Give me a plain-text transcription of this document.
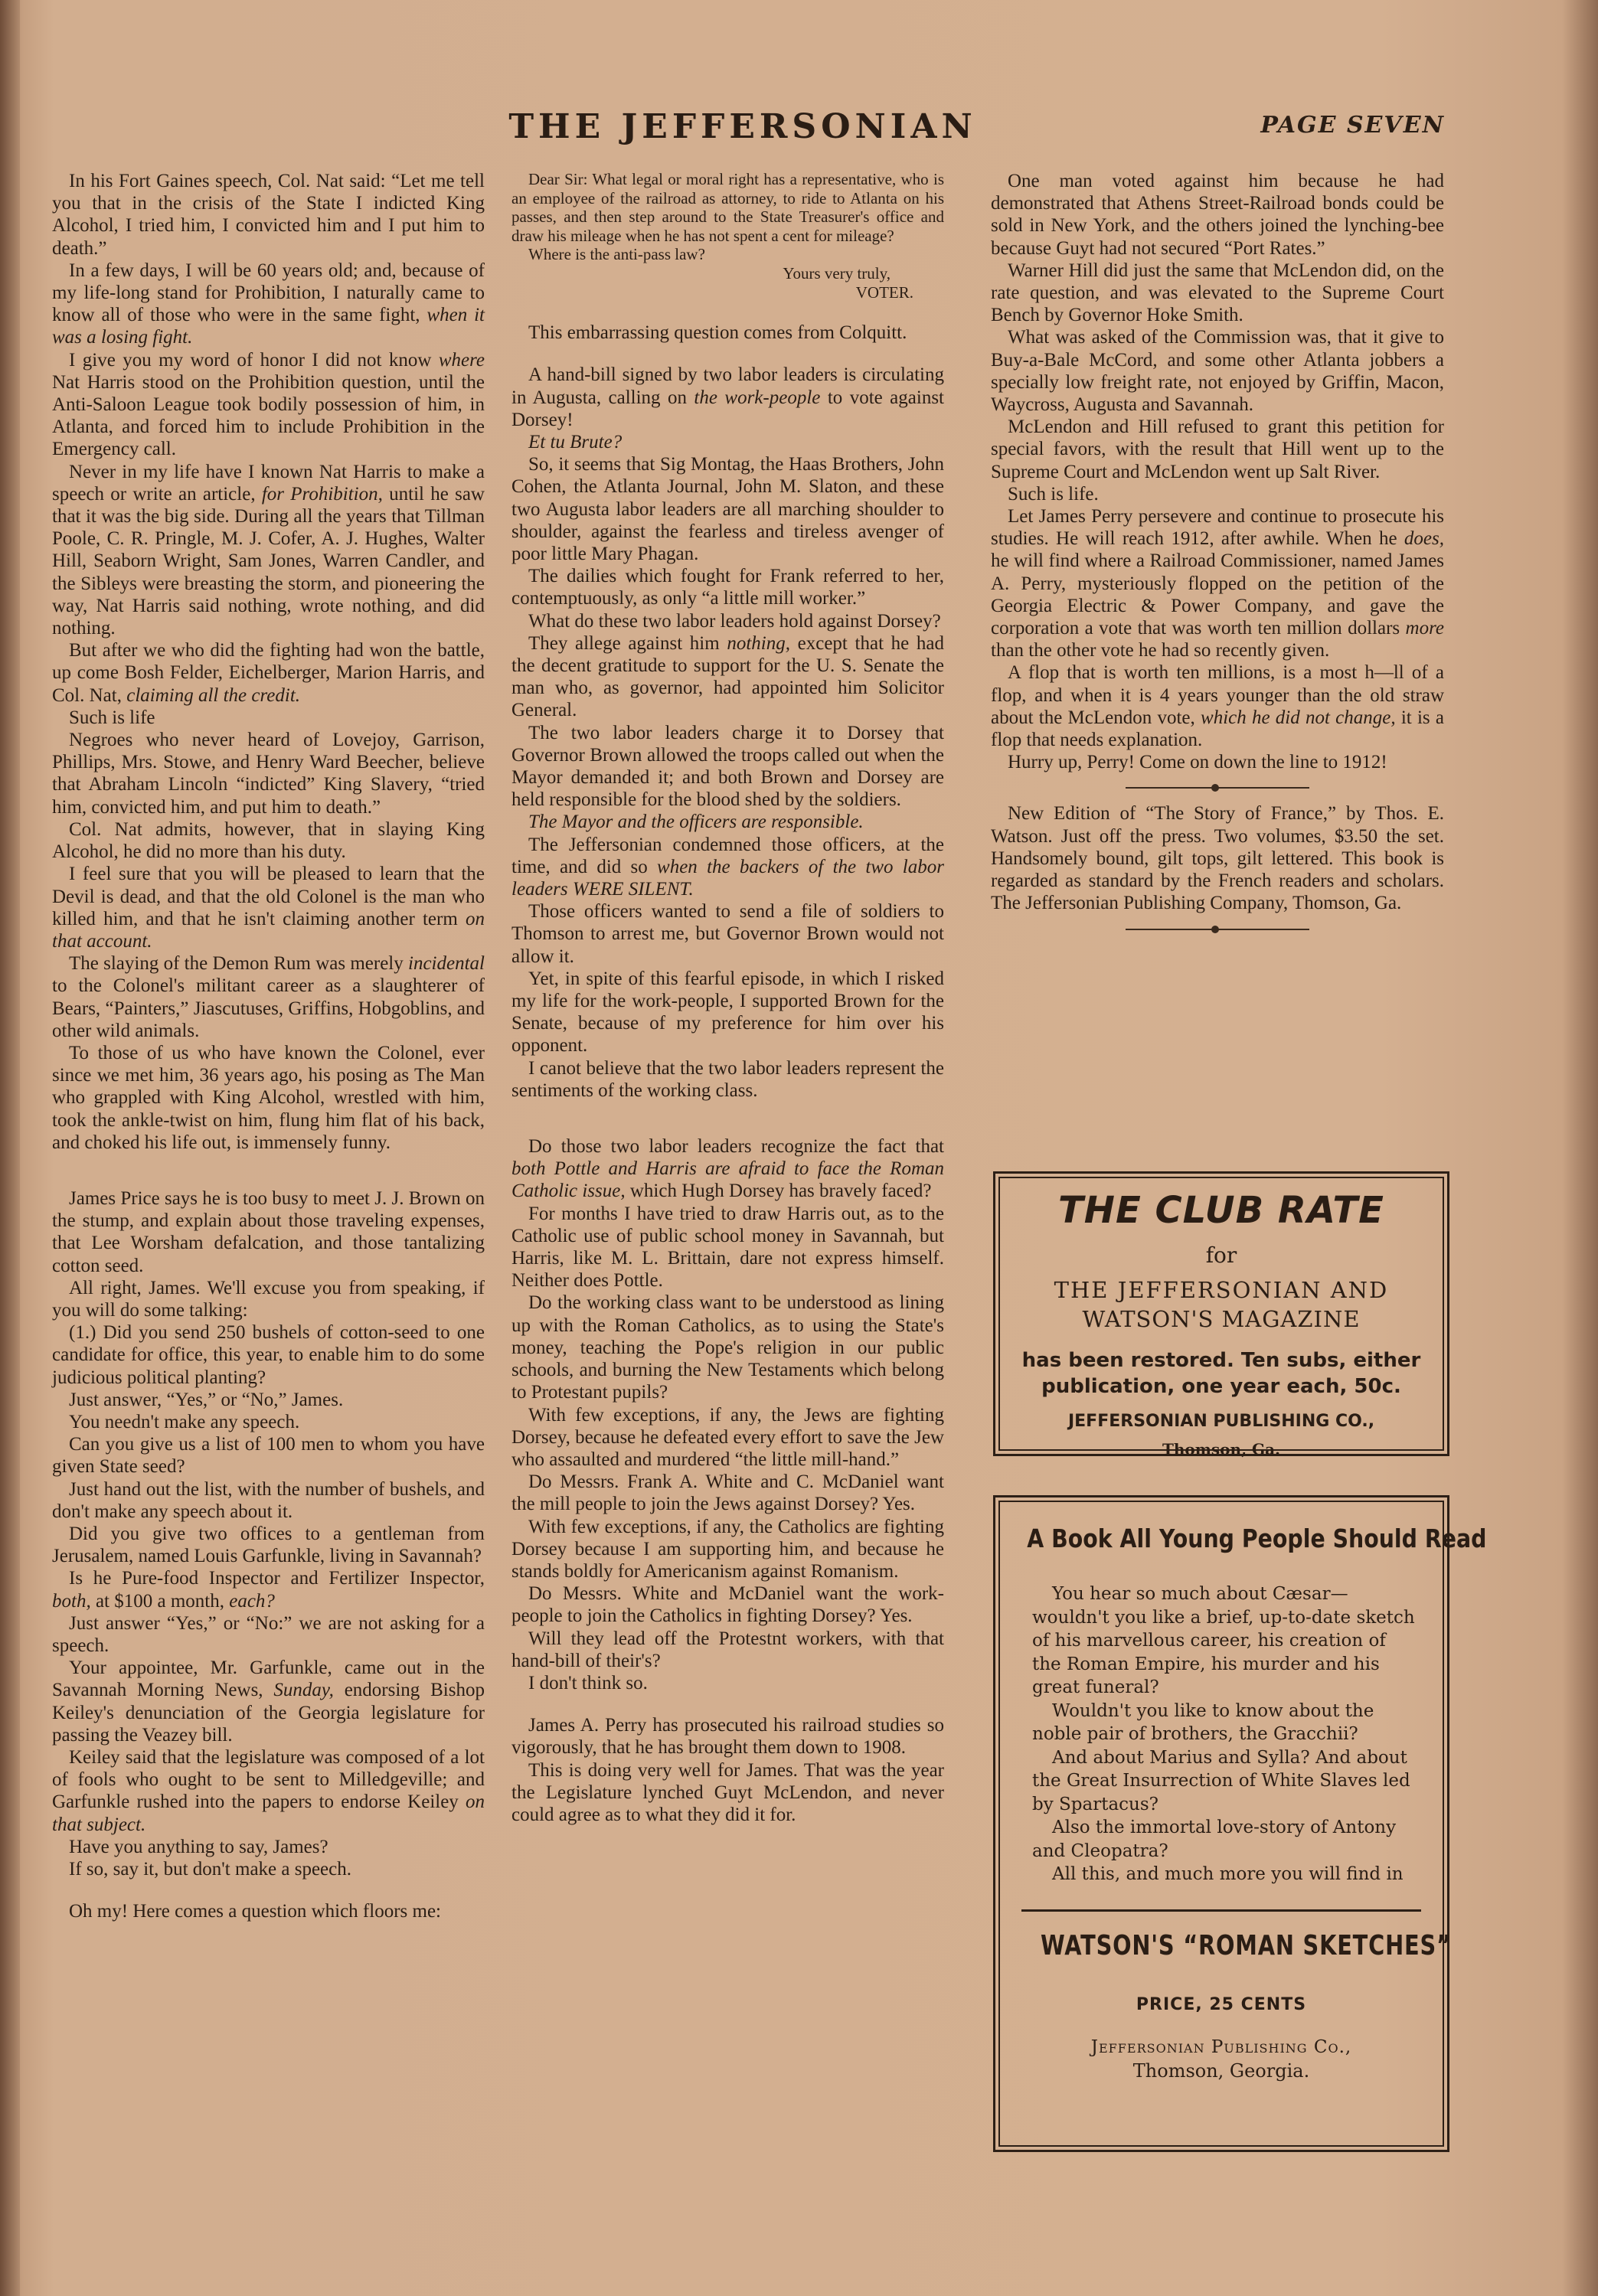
THE JEFFERSONIAN	PAGE SEVEN

In his Fort Gaines speech, Col. Nat said: “Let me tell you that in the crisis of the State I indicted King Alcohol, I tried him, I convicted him and I put him to death.”

In a few days, I will be 60 years old; and, because of my life-long stand for Prohibition, I naturally came to know all of those who were in the same fight, when it was a losing fight.

I give you my word of honor I did not know where Nat Harris stood on the Prohibition question, until the Anti-Saloon League took bodily possession of him, in Atlanta, and forced him to include Prohibition in the Emergency call.

Never in my life have I known Nat Harris to make a speech or write an article, for Prohibition, until he saw that it was the big side. During all the years that Tillman Poole, C. R. Pringle, M. J. Cofer, A. J. Hughes, Walter Hill, Seaborn Wright, Sam Jones, Warren Candler, and the Sibleys were breasting the storm, and pioneering the way, Nat Harris said nothing, wrote nothing, and did nothing.

But after we who did the fighting had won the battle, up come Bosh Felder, Eichelberger, Marion Harris, and Col. Nat, claiming all the credit.

Such is life

Negroes who never heard of Lovejoy, Garrison, Phillips, Mrs. Stowe, and Henry Ward Beecher, believe that Abraham Lincoln “indicted” King Slavery, “tried him, convicted him, and put him to death.”

Col. Nat admits, however, that in slaying King Alcohol, he did no more than his duty.

I feel sure that you will be pleased to learn that the Devil is dead, and that the old Colonel is the man who killed him, and that he isn't claiming another term on that account.

The slaying of the Demon Rum was merely incidental to the Colonel's militant career as a slaughterer of Bears, “Painters,” Jiascutuses, Griffins, Hobgoblins, and other wild animals.

To those of us who have known the Colonel, ever since we met him, 36 years ago, his posing as The Man who grappled with King Alcohol, wrestled with him, took the ankle-twist on him, flung him flat of his back, and choked his life out, is immensely funny.

James Price says he is too busy to meet J. J. Brown on the stump, and explain about those traveling expenses, that Lee Worsham defalcation, and those tantalizing cotton seed.

All right, James. We'll excuse you from speaking, if you will do some talking:

(1.) Did you send 250 bushels of cotton-seed to one candidate for office, this year, to enable him to do some judicious political planting?

Just answer, “Yes,” or “No,” James.

You needn't make any speech.

Can you give us a list of 100 men to whom you have given State seed?

Just hand out the list, with the number of bushels, and don't make any speech about it.

Did you give two offices to a gentleman from Jerusalem, named Louis Garfunkle, living in Savannah?

Is he Pure-food Inspector and Fertilizer Inspector, both, at $100 a month, each?

Just answer “Yes,” or “No:” we are not asking for a speech.

Your appointee, Mr. Garfunkle, came out in the Savannah Morning News, Sunday, endorsing Bishop Keiley's denunciation of the Georgia legislature for passing the Veazey bill.

Keiley said that the legislature was composed of a lot of fools who ought to be sent to Milledgeville; and Garfunkle rushed into the papers to endorse Keiley on that subject.

Have you anything to say, James?

If so, say it, but don't make a speech.

Oh my! Here comes a question which floors me:

Dear Sir: What legal or moral right has a representative, who is an employee of the railroad as attorney, to ride to Atlanta on his passes, and then step around to the State Treasurer's office and draw his mileage when he has not spent a cent for mileage?

Where is the anti-pass law?

Yours very truly,
VOTER.

This embarrassing question comes from Colquitt.

A hand-bill signed by two labor leaders is circulating in Augusta, calling on the work-people to vote against Dorsey!

Et tu Brute?

So, it seems that Sig Montag, the Haas Brothers, John Cohen, the Atlanta Journal, John M. Slaton, and these two Augusta labor leaders are all marching shoulder to shoulder, against the fearless and tireless avenger of poor little Mary Phagan.

The dailies which fought for Frank referred to her, contemptuously, as only “a little mill worker.”

What do these two labor leaders hold against Dorsey?

They allege against him nothing, except that he had the decent gratitude to support for the U. S. Senate the man who, as governor, had appointed him Solicitor General.

The two labor leaders charge it to Dorsey that Governor Brown allowed the troops called out when the Mayor demanded it; and both Brown and Dorsey are held responsible for the blood shed by the soldiers.

The Mayor and the officers are responsible.

The Jeffersonian condemned those officers, at the time, and did so when the backers of the two labor leaders WERE SILENT.

Those officers wanted to send a file of soldiers to Thomson to arrest me, but Governor Brown would not allow it.

Yet, in spite of this fearful episode, in which I risked my life for the work-people, I supported Brown for the Senate, because of my preference for him over his opponent.

I canot believe that the two labor leaders represent the sentiments of the working class.

Do those two labor leaders recognize the fact that both Pottle and Harris are afraid to face the Roman Catholic issue, which Hugh Dorsey has bravely faced?

For months I have tried to draw Harris out, as to the Catholic use of public school money in Savannah, but Harris, like M. L. Brittain, dare not express himself. Neither does Pottle.

Do the working class want to be understood as lining up with the Roman Catholics, as to using the State's money, teaching the Pope's religion in our public schools, and burning the New Testaments which belong to Protestant pupils?

With few exceptions, if any, the Jews are fighting Dorsey, because he defeated every effort to save the Jew who assaulted and murdered “the little mill-hand.”

Do Messrs. Frank A. White and C. McDaniel want the mill people to join the Jews against Dorsey? Yes.

With few exceptions, if any, the Catholics are fighting Dorsey because I am supporting him, and because he stands boldly for Americanism against Romanism.

Do Messrs. White and McDaniel want the work-people to join the Catholics in fighting Dorsey? Yes.

Will they lead off the Protestnt workers, with that hand-bill of their's?

I don't think so.

James A. Perry has prosecuted his railroad studies so vigorously, that he has brought them down to 1908.

This is doing very well for James. That was the year the Legislature lynched Guyt McLendon, and never could agree as to what they did it for.

One man voted against him because he had demonstrated that Athens Street-Railroad bonds could be sold in New York, and the others joined the lynching-bee because Guyt had not secured “Port Rates.”

Warner Hill did just the same that McLendon did, on the rate question, and was elevated to the Supreme Court Bench by Governor Hoke Smith.

What was asked of the Commission was, that it give to Buy-a-Bale McCord, and some other Atlanta jobbers a specially low freight rate, not enjoyed by Griffin, Macon, Waycross, Augusta and Savannah.

McLendon and Hill refused to grant this petition for special favors, with the result that Hill went up to the Supreme Court and McLendon went up Salt River.

Such is life.

Let James Perry persevere and continue to prosecute his studies. He will reach 1912, after awhile. When he does, he will find where a Railroad Commissioner, named James A. Perry, mysteriously flopped on the petition of the Georgia Electric & Power Company, and gave the corporation a vote that was worth ten million dollars more than the other vote he had so recently given.

A flop that is worth ten millions, is a most h—ll of a flop, and when it is 4 years younger than the old straw about the McLendon vote, which he did not change, it is a flop that needs explanation.

Hurry up, Perry! Come on down the line to 1912!

New Edition of “The Story of France,” by Thos. E. Watson. Just off the press. Two volumes, $3.50 the set. Handsomely bound, gilt tops, gilt lettered. This book is regarded as standard by the French readers and scholars. The Jeffersonian Publishing Company, Thomson, Ga.

THE CLUB RATE
for
THE JEFFERSONIAN AND
WATSON'S MAGAZINE
has been restored. Ten subs, either publication, one year each, 50c.
JEFFERSONIAN PUBLISHING CO.,
Thomson, Ga.
A Book All Young People Should Read

You hear so much about Cæsar—wouldn't you like a brief, up-to-date sketch of his marvellous career, his creation of the Roman Empire, his murder and his great funeral?

Wouldn't you like to know about the noble pair of brothers, the Gracchii?

And about Marius and Sylla? And about the Great Insurrection of White Slaves led by Spartacus?

Also the immortal love-story of Antony and Cleopatra?

All this, and much more you will find in

WATSON'S “ROMAN SKETCHES”
PRICE, 25 CENTS
Jeffersonian Publishing Co.,
Thomson, Georgia.
